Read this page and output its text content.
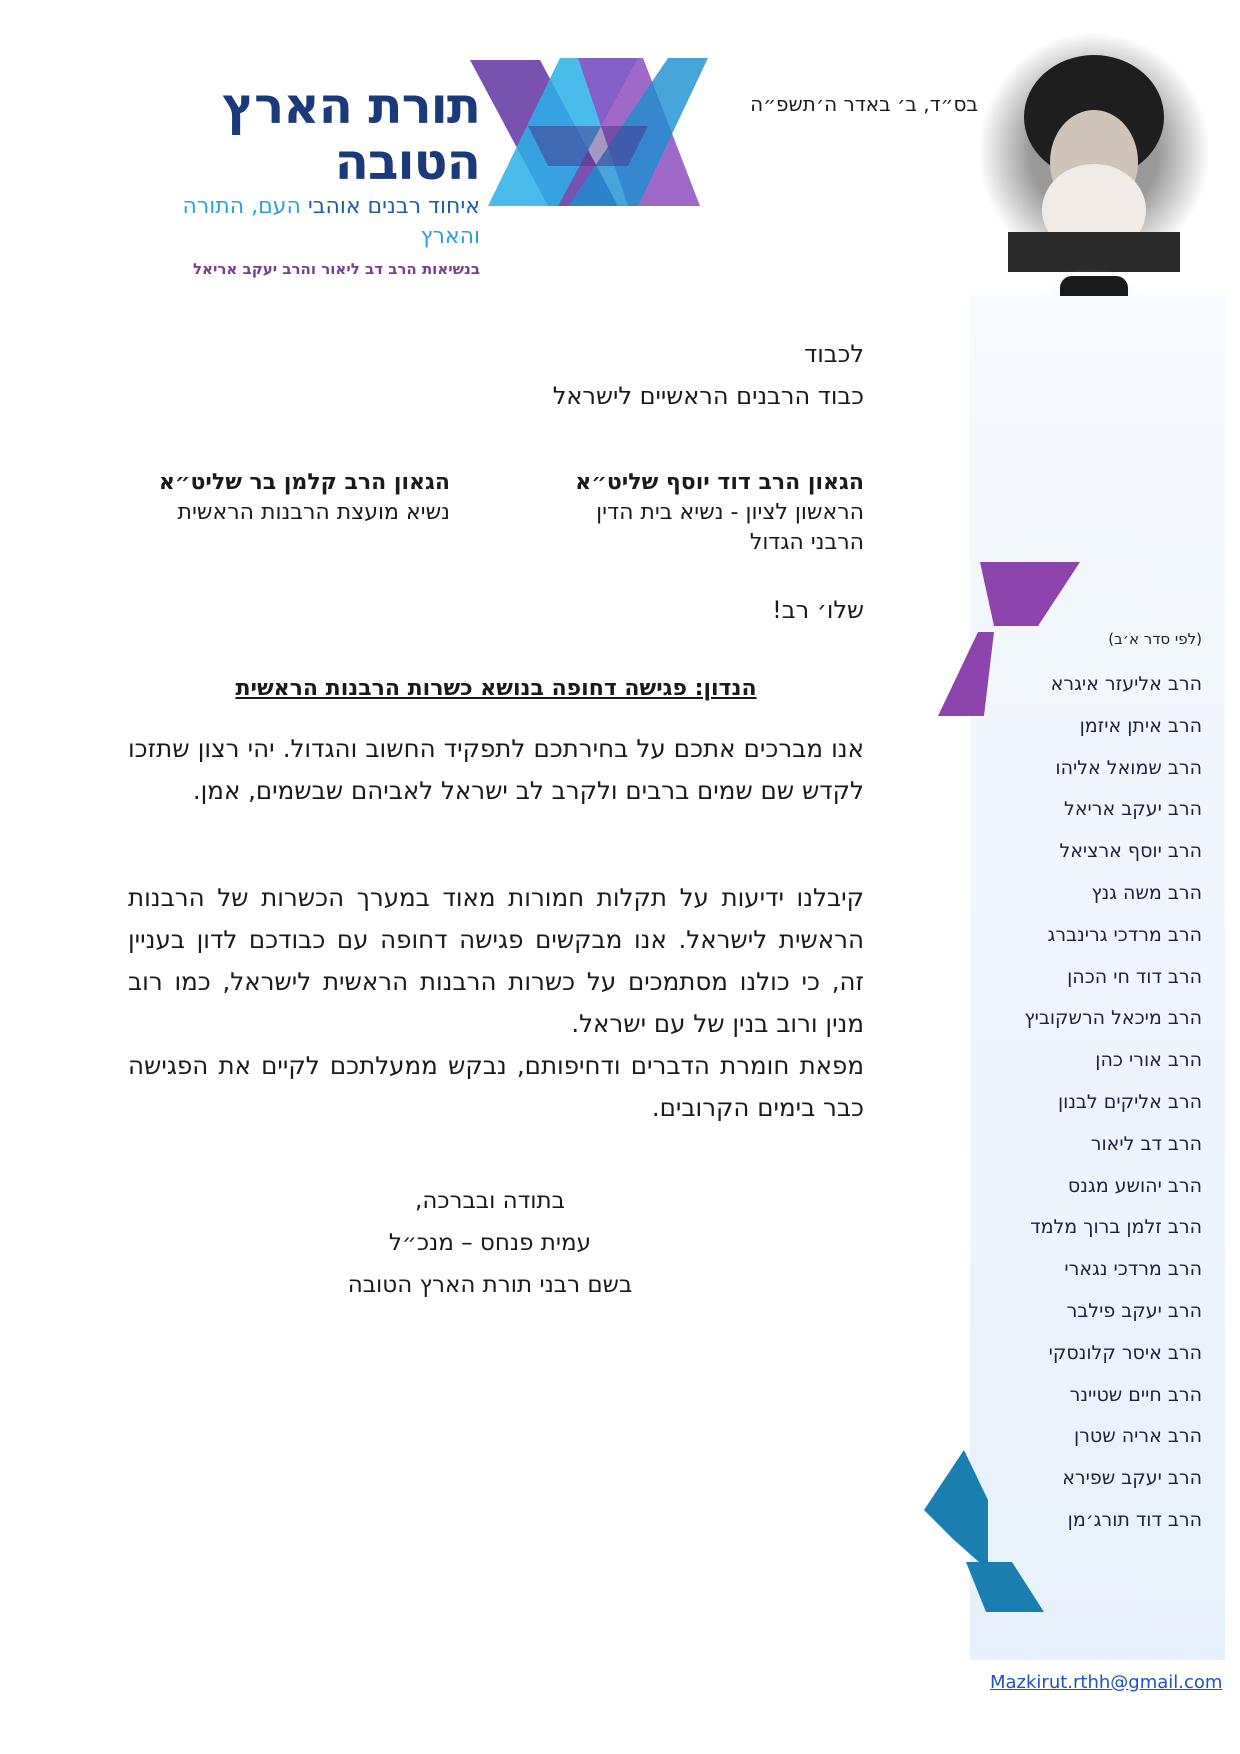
תורת הארץ הטובה
איחוד רבנים אוהבי העם, התורה והארץ
בנשיאות הרב דב ליאור והרב יעקב אריאל
בס״ד, ב׳ באדר ה׳תשפ״ה
(לפי סדר א׳ב)
הרב אליעזר איגרא
הרב איתן איזמן
הרב שמואל אליהו
הרב יעקב אריאל
הרב יוסף ארציאל
הרב משה גנץ
הרב מרדכי גרינברג
הרב דוד חי הכהן
הרב מיכאל הרשקוביץ
הרב אורי כהן
הרב אליקים לבנון
הרב דב ליאור
הרב יהושע מגנס
הרב זלמן ברוך מלמד
הרב מרדכי נגארי
הרב יעקב פילבר
הרב איסר קלונסקי
הרב חיים שטיינר
הרב אריה שטרן
הרב יעקב שפירא
הרב דוד תורג׳מן
לכבוד
כבוד הרבנים הראשיים לישראל
הגאון הרב דוד יוסף שליט״א
הראשון לציון - נשיא בית הדין
הרבני הגדול
הגאון הרב קלמן בר שליט״א
נשיא מועצת הרבנות הראשית
שלו׳ רב!
הנדון: פגישה דחופה בנושא כשרות הרבנות הראשית

אנו מברכים אתכם על בחירתכם לתפקיד החשוב והגדול. יהי רצון שתזכו לקדש שם שמים ברבים ולקרב לב ישראל לאביהם שבשמים, אמן.

קיבלנו ידיעות על תקלות חמורות מאוד במערך הכשרות של הרבנות הראשית לישראל. אנו מבקשים פגישה דחופה עם כבודכם לדון בעניין זה, כי כולנו מסתמכים על כשרות הרבנות הראשית לישראל, כמו רוב מנין ורוב בנין של עם ישראל.

מפאת חומרת הדברים ודחיפותם, נבקש ממעלתכם לקיים את הפגישה כבר בימים הקרובים.

בתודה ובברכה,
עמית פנחס – מנכ״ל
בשם רבני תורת הארץ הטובה
Mazkirut.rthh@gmail.com
